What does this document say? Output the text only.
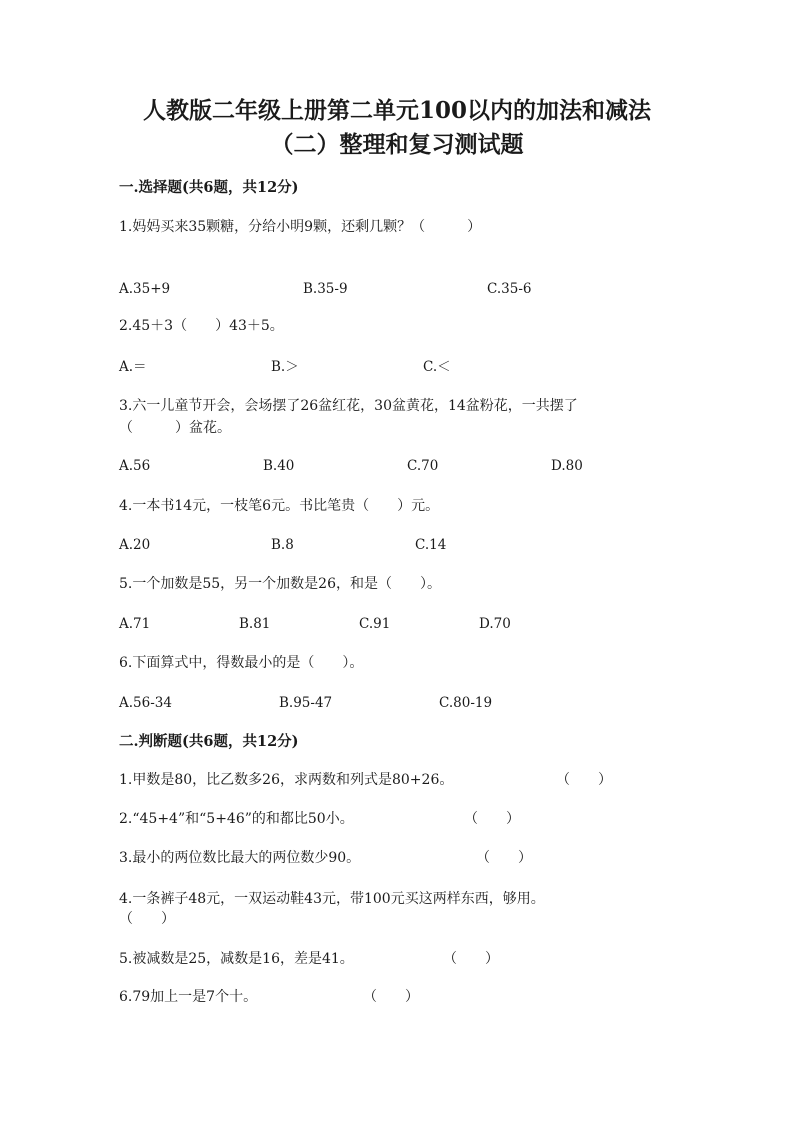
人教版二年级上册第二单元100以内的加法和减法
（二）整理和复习测试题
一.选择题(共6题，共12分)
1.妈妈买来35颗糖，分给小明9颗，还剩几颗？（　　　）
A.35+9	B.35-9	C.35-6
2.45＋3（　　）43＋5。
A.＝	B.＞	C.＜
3.六一儿童节开会，会场摆了26盆红花，30盆黄花，14盆粉花，一共摆了
（　　　）盆花。
A.56	B.40	C.70	D.80
4.一本书14元，一枝笔6元。书比笔贵（　　）元。
A.20	B.8	C.14
5.一个加数是55，另一个加数是26，和是（　　）。
A.71	B.81	C.91	D.70
6.下面算式中，得数最小的是（　　）。
A.56-34	B.95-47	C.80-19
二.判断题(共6题，共12分)
1.甲数是80，比乙数多26，求两数和列式是80+26。	（　　）
2.“45+4”和“5+46”的和都比50小。	（　　）
3.最小的两位数比最大的两位数少90。	（　　）
4.一条裤子48元，一双运动鞋43元，带100元买这两样东西，够用。
（　　）
5.被减数是25，减数是16，差是41。	（　　）
6.79加上一是7个十。	（　　）
